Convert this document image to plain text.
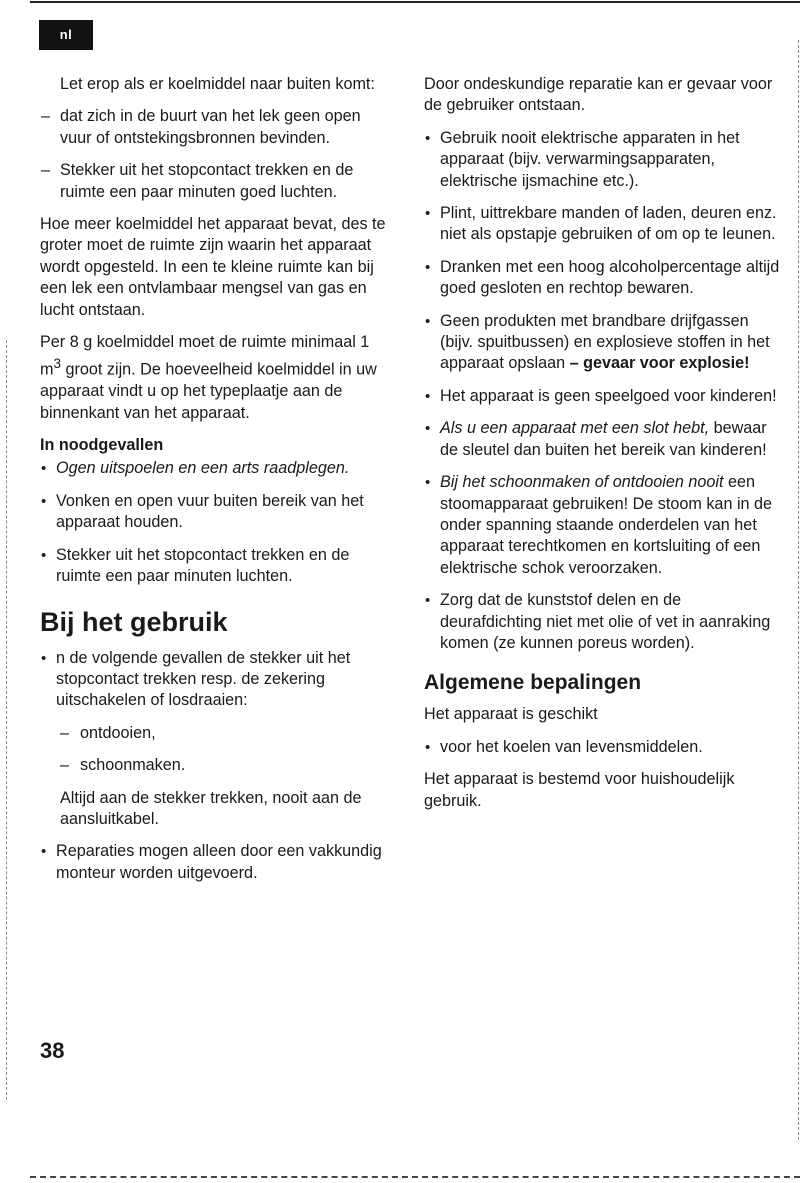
nl

Let erop als er koelmiddel naar buiten komt:

– dat zich in de buurt van het lek geen open vuur of ontstekingsbronnen bevinden.
– Stekker uit het stopcontact trekken en de ruimte een paar minuten goed luchten.

Hoe meer koelmiddel het apparaat bevat, des te groter moet de ruimte zijn waarin het apparaat wordt opgesteld. In een te kleine ruimte kan bij een lek een ontvlambaar mengsel van gas en lucht ontstaan.

Per 8 g koelmiddel moet de ruimte minimaal 1 $m^3$ groot zijn. De hoeveelheid koelmiddel in uw apparaat vindt u op het typeplaatje aan de binnenkant van het apparaat.

In noodgevallen
• Ogen uitspoelen en een arts raadplegen.
• Vonken en open vuur buiten bereik van het apparaat houden.
• Stekker uit het stopcontact trekken en de ruimte een paar minuten luchten.
Bij het gebruik
• n de volgende gevallen de stekker uit het stopcontact trekken resp. de zekering uitschakelen of losdraaien:
– ontdooien,
– schoonmaken.

Altijd aan de stekker trekken, nooit aan de aansluitkabel.

• Reparaties mogen alleen door een vakkundig monteur worden uitgevoerd.

Door ondeskundige reparatie kan er gevaar voor de gebruiker ontstaan.

• Gebruik nooit elektrische apparaten in het apparaat (bijv. verwarmingsapparaten, elektrische ijsmachine etc.).
• Plint, uittrekbare manden of laden, deuren enz. niet als opstapje gebruiken of om op te leunen.
• Dranken met een hoog alcoholpercentage altijd goed gesloten en rechtop bewaren.
• Geen produkten met brandbare drijfgassen (bijv. spuitbussen) en explosieve stoffen in het apparaat opslaan – gevaar voor explosie!
• Het apparaat is geen speelgoed voor kinderen!
• Als u een apparaat met een slot hebt, bewaar de sleutel dan buiten het bereik van kinderen!
• Bij het schoonmaken of ontdooien nooit een stoomapparaat gebruiken! De stoom kan in de onder spanning staande onderdelen van het apparaat terechtkomen en kortsluiting of een elektrische schok veroorzaken.
• Zorg dat de kunststof delen en de deurafdichting niet met olie of vet in aanraking komen (ze kunnen poreus worden).
Algemene bepalingen

Het apparaat is geschikt

• voor het koelen van levensmiddelen.

Het apparaat is bestemd voor huishoudelijk gebruik.

38
